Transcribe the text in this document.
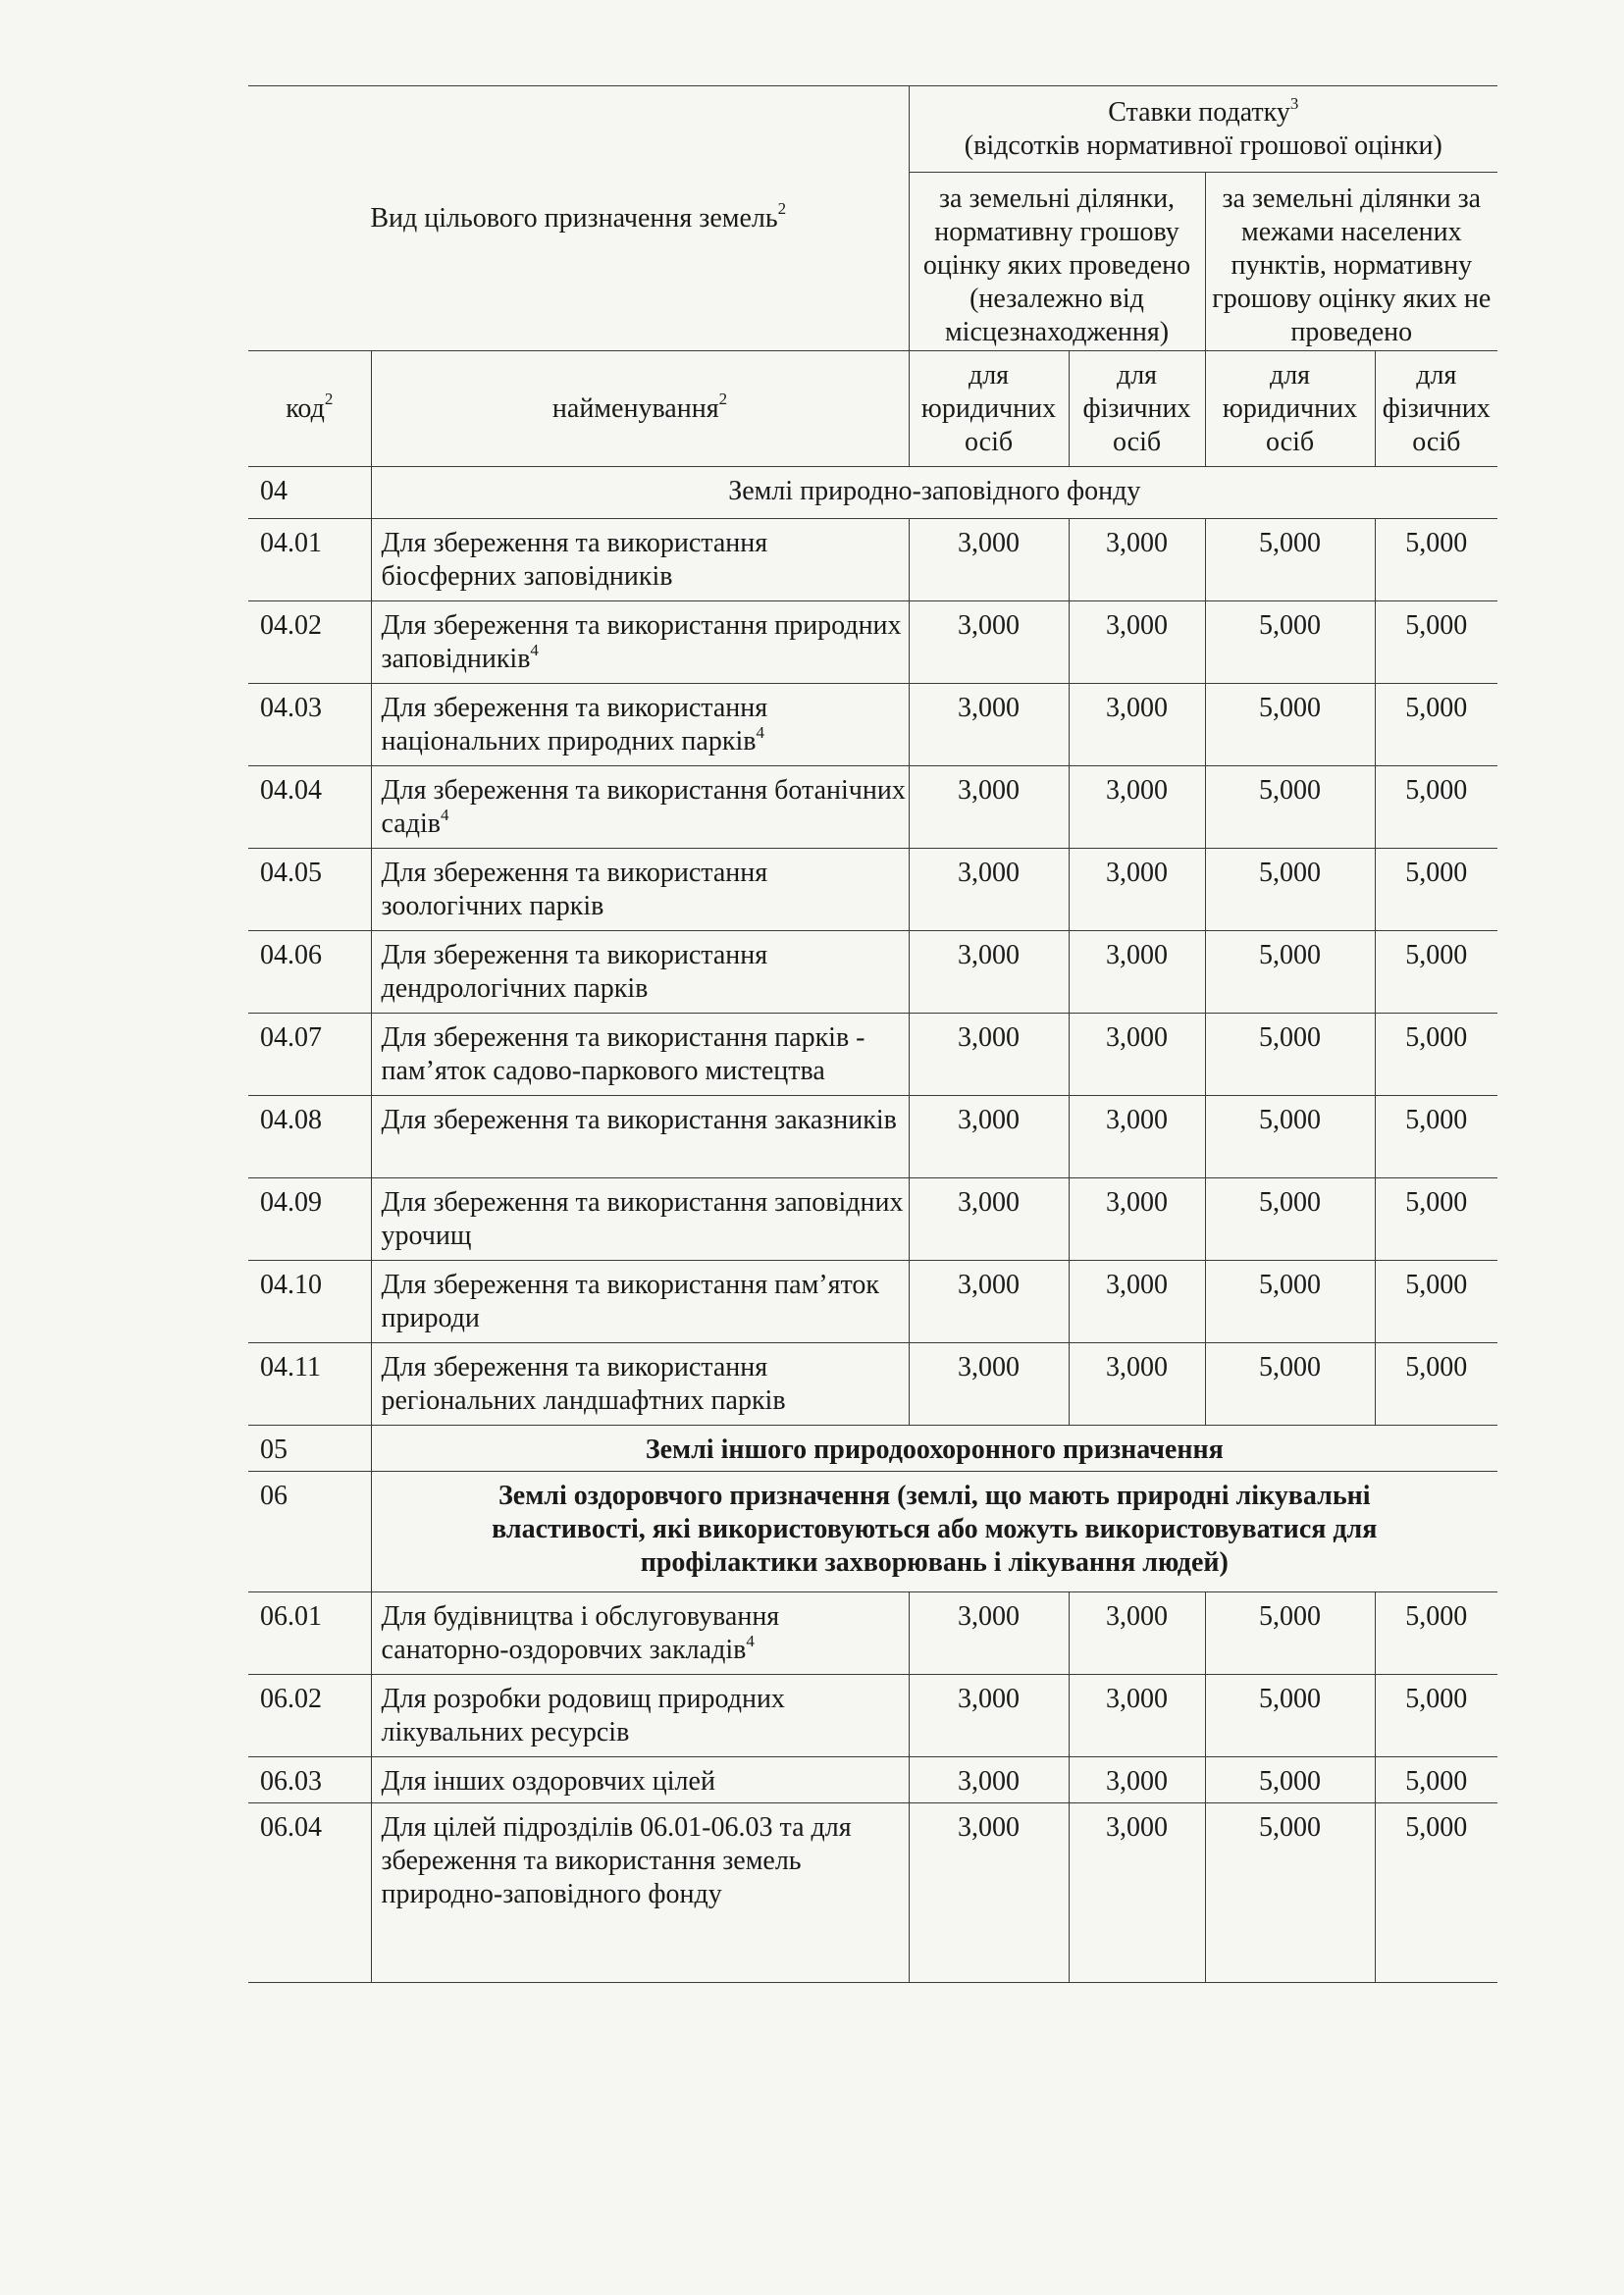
Вид цільового призначення земель$^2$		Ставки податку$^3$
(відсотків нормативної грошової оцінки)			
		за земельні ділянки, нормативну грошову оцінку яких проведено (незалежно від місцезнаходження)		за земельні ділянки за межами населених пунктів, нормативну грошову оцінку яких не проведено	
код$^2$	найменування$^2$	для юридичних осіб	для фізичних осіб	для юридичних осіб	для фізичних осіб
04	Землі природно-заповідного фонду				
04.01	Для збереження та використання біосферних заповідників	3,000	3,000	5,000	5,000
04.02	Для збереження та використання природних заповідників$^4$	3,000	3,000	5,000	5,000
04.03	Для збереження та використання національних природних парків$^4$	3,000	3,000	5,000	5,000
04.04	Для збереження та використання ботанічних садів$^4$	3,000	3,000	5,000	5,000
04.05	Для збереження та використання зоологічних парків	3,000	3,000	5,000	5,000
04.06	Для збереження та використання дендрологічних парків	3,000	3,000	5,000	5,000
04.07	Для збереження та використання парків - пам’яток садово-паркового мистецтва	3,000	3,000	5,000	5,000
04.08	Для збереження та використання заказників	3,000	3,000	5,000	5,000
04.09	Для збереження та використання заповідних урочищ	3,000	3,000	5,000	5,000
04.10	Для збереження та використання пам’яток природи	3,000	3,000	5,000	5,000
04.11	Для збереження та використання регіональних ландшафтних парків	3,000	3,000	5,000	5,000
05	Землі іншого природоохоронного призначення				
06	Землі оздоровчого призначення (землі, що мають природні лікувальні властивості, які використовуються або можуть використовуватися для профілактики захворювань і лікування людей)				
06.01	Для будівництва і обслуговування санаторно-оздоровчих закладів$^4$	3,000	3,000	5,000	5,000
06.02	Для розробки родовищ природних лікувальних ресурсів	3,000	3,000	5,000	5,000
06.03	Для інших оздоровчих цілей	3,000	3,000	5,000	5,000
06.04	Для цілей підрозділів 06.01-06.03 та для збереження та використання земель природно-заповідного фонду	3,000	3,000	5,000	5,000
